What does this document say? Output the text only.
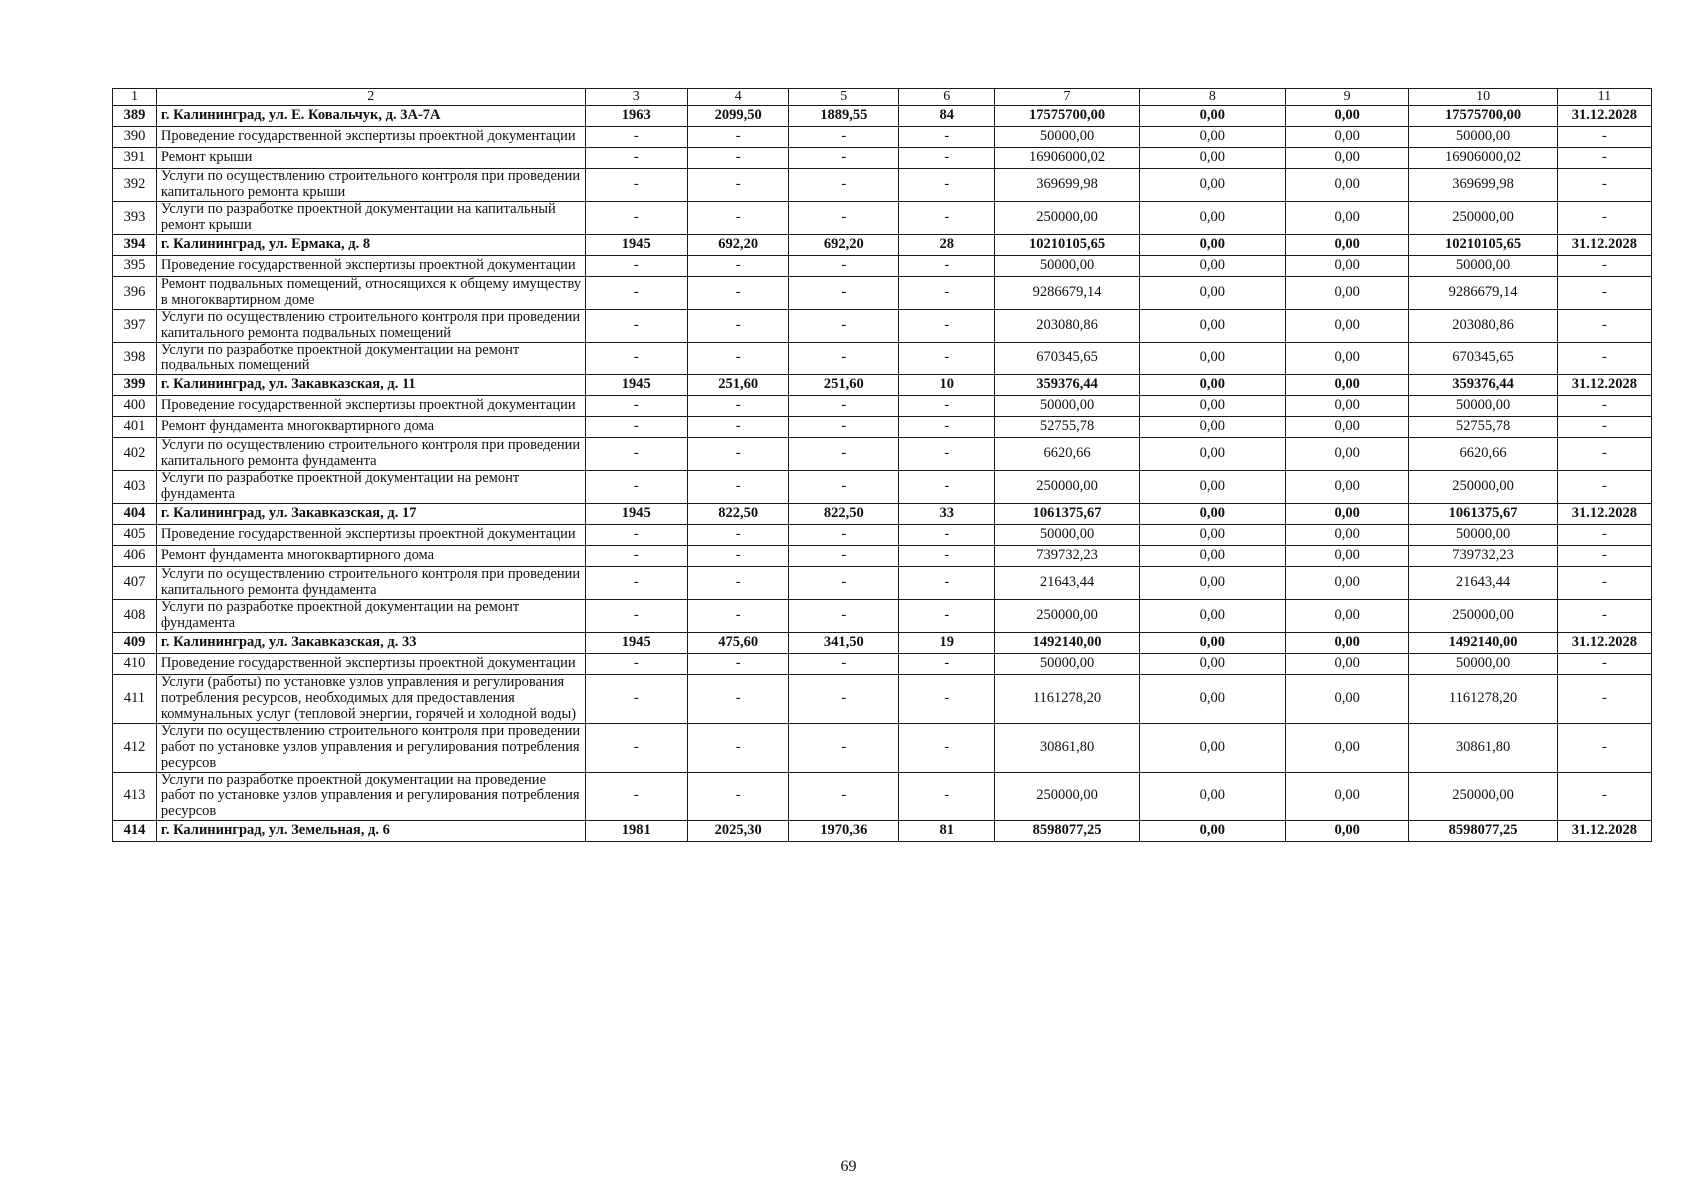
1	2	3	4	5	6	7	8	9	10	11
389	г. Калининград, ул. Е. Ковальчук, д. 3А-7А	1963	2099,50	1889,55	84	17575700,00	0,00	0,00	17575700,00	31.12.2028
390	Проведение государственной экспертизы проектной документации	-	-	-	-	50000,00	0,00	0,00	50000,00	-
391	Ремонт крыши	-	-	-	-	16906000,02	0,00	0,00	16906000,02	-
392	Услуги по осуществлению строительного контроля при проведении капитального ремонта крыши	-	-	-	-	369699,98	0,00	0,00	369699,98	-
393	Услуги по разработке проектной документации на капитальный ремонт крыши	-	-	-	-	250000,00	0,00	0,00	250000,00	-
394	г. Калининград, ул. Ермака, д. 8	1945	692,20	692,20	28	10210105,65	0,00	0,00	10210105,65	31.12.2028
395	Проведение государственной экспертизы проектной документации	-	-	-	-	50000,00	0,00	0,00	50000,00	-
396	Ремонт подвальных помещений, относящихся к общему имуществу в многоквартирном доме	-	-	-	-	9286679,14	0,00	0,00	9286679,14	-
397	Услуги по осуществлению строительного контроля при проведении капитального ремонта подвальных помещений	-	-	-	-	203080,86	0,00	0,00	203080,86	-
398	Услуги по разработке проектной документации на ремонт подвальных помещений	-	-	-	-	670345,65	0,00	0,00	670345,65	-
399	г. Калининград, ул. Закавказская, д. 11	1945	251,60	251,60	10	359376,44	0,00	0,00	359376,44	31.12.2028
400	Проведение государственной экспертизы проектной документации	-	-	-	-	50000,00	0,00	0,00	50000,00	-
401	Ремонт фундамента многоквартирного дома	-	-	-	-	52755,78	0,00	0,00	52755,78	-
402	Услуги по осуществлению строительного контроля при проведении капитального ремонта фундамента	-	-	-	-	6620,66	0,00	0,00	6620,66	-
403	Услуги по разработке проектной документации на ремонт фундамента	-	-	-	-	250000,00	0,00	0,00	250000,00	-
404	г. Калининград, ул. Закавказская, д. 17	1945	822,50	822,50	33	1061375,67	0,00	0,00	1061375,67	31.12.2028
405	Проведение государственной экспертизы проектной документации	-	-	-	-	50000,00	0,00	0,00	50000,00	-
406	Ремонт фундамента многоквартирного дома	-	-	-	-	739732,23	0,00	0,00	739732,23	-
407	Услуги по осуществлению строительного контроля при проведении капитального ремонта фундамента	-	-	-	-	21643,44	0,00	0,00	21643,44	-
408	Услуги по разработке проектной документации на ремонт фундамента	-	-	-	-	250000,00	0,00	0,00	250000,00	-
409	г. Калининград, ул. Закавказская, д. 33	1945	475,60	341,50	19	1492140,00	0,00	0,00	1492140,00	31.12.2028
410	Проведение государственной экспертизы проектной документации	-	-	-	-	50000,00	0,00	0,00	50000,00	-
411	Услуги (работы) по установке узлов управления и регулирования потребления ресурсов, необходимых для предоставления коммунальных услуг (тепловой энергии, горячей и холодной воды)	-	-	-	-	1161278,20	0,00	0,00	1161278,20	-
412	Услуги по осуществлению строительного контроля при проведении работ по установке узлов управления и регулирования потребления ресурсов	-	-	-	-	30861,80	0,00	0,00	30861,80	-
413	Услуги по разработке проектной документации на проведение работ по установке узлов управления и регулирования потребления ресурсов	-	-	-	-	250000,00	0,00	0,00	250000,00	-
414	г. Калининград, ул. Земельная, д. 6	1981	2025,30	1970,36	81	8598077,25	0,00	0,00	8598077,25	31.12.2028
69
